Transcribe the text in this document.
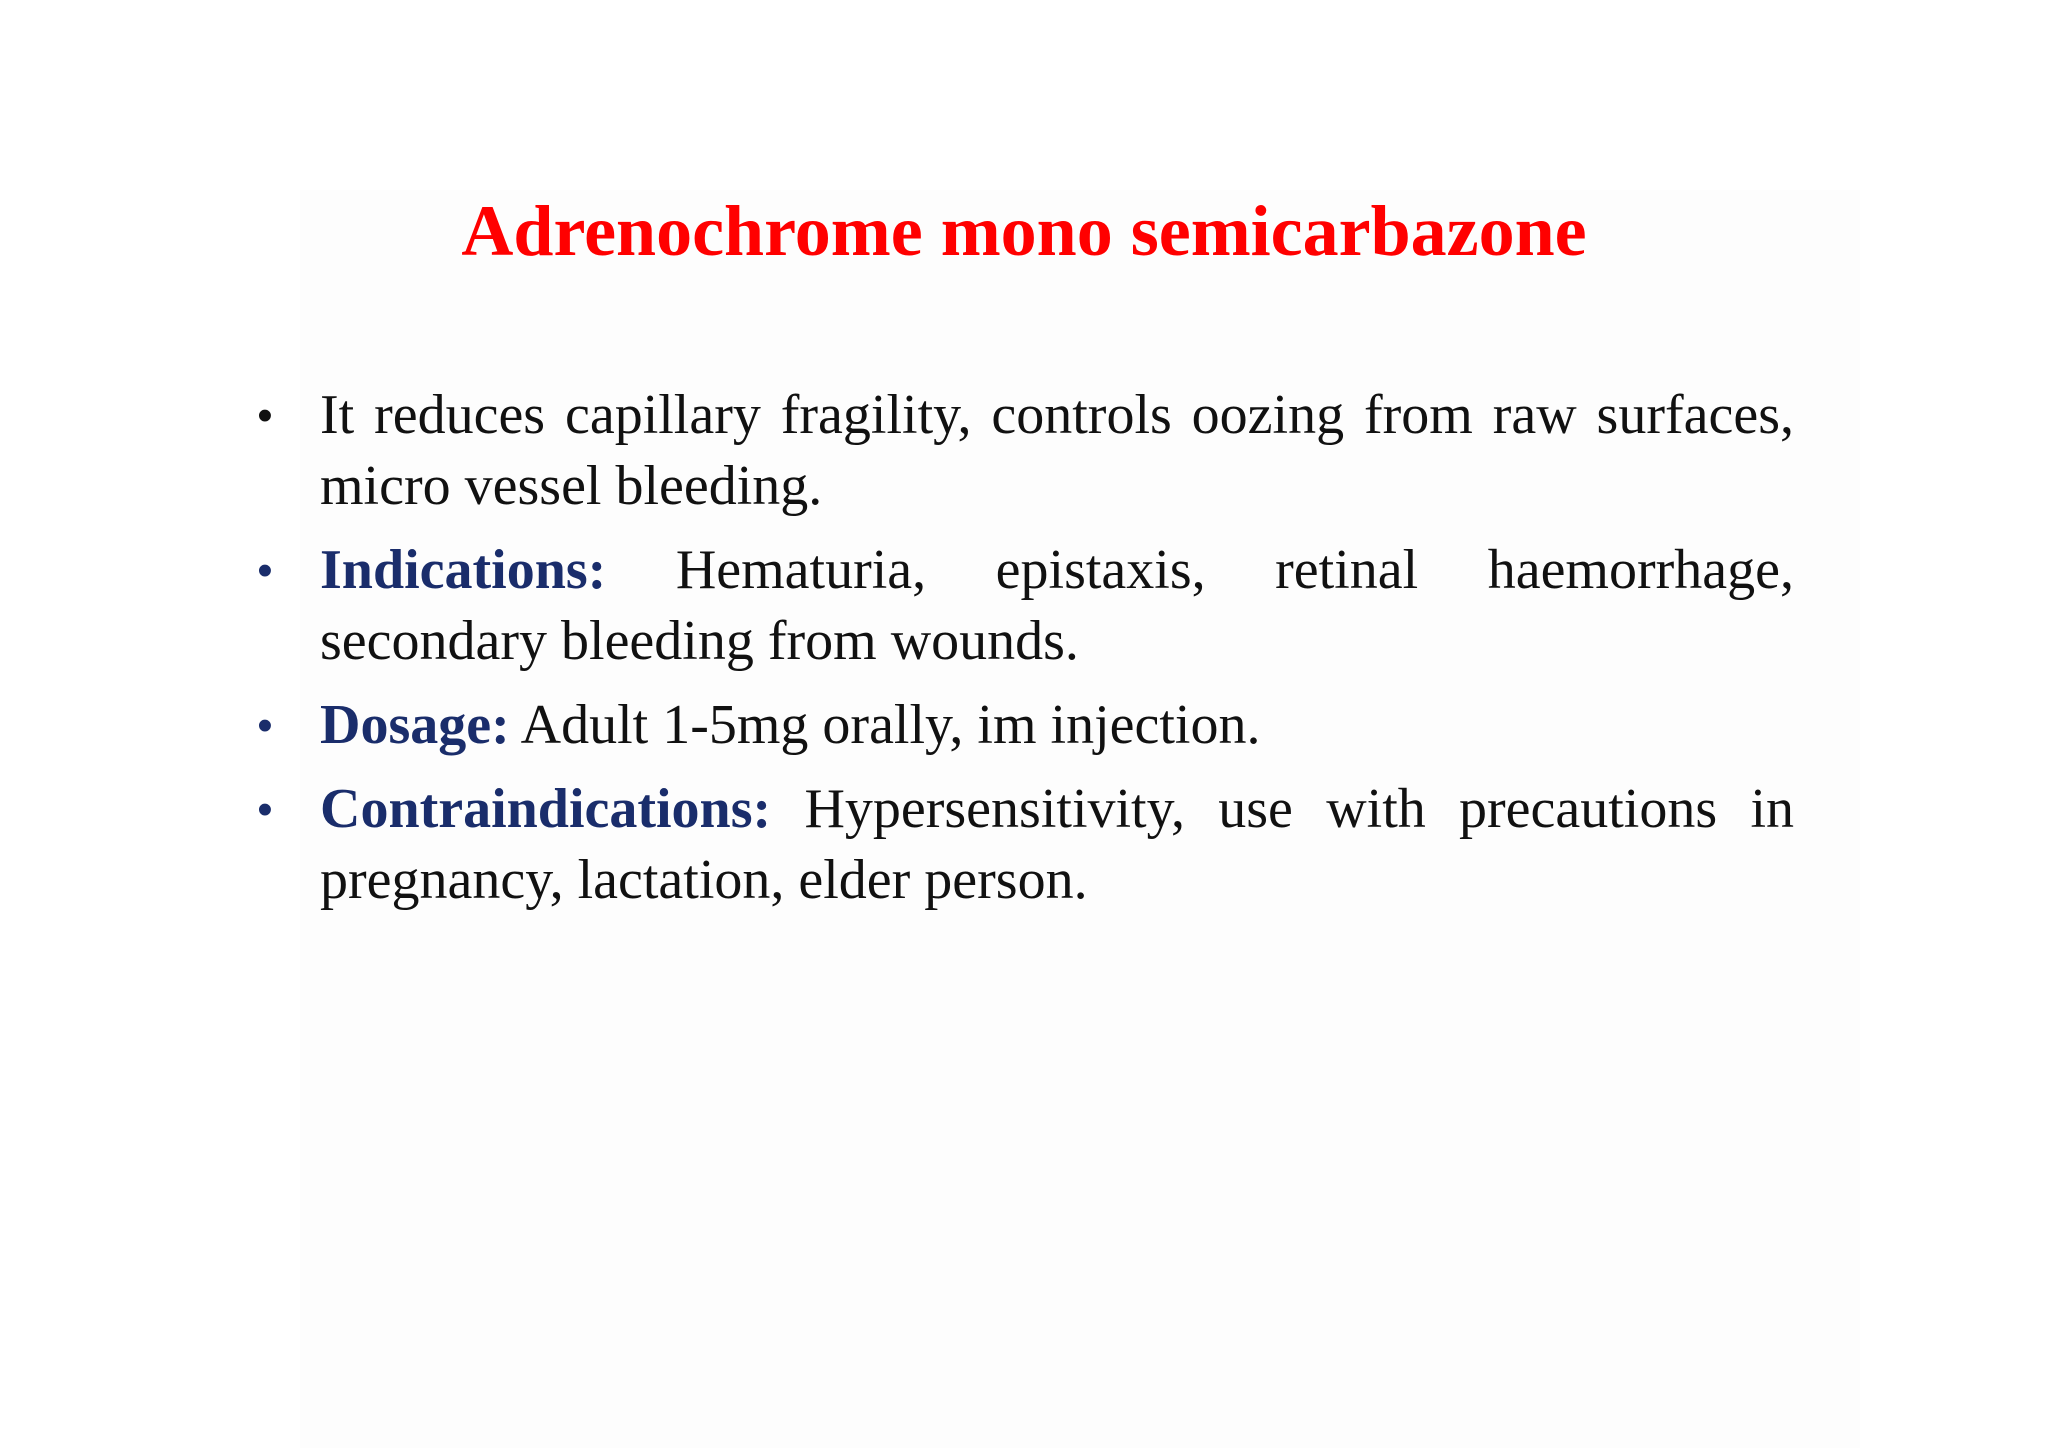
Adrenochrome mono semicarbazone
• It reduces capillary fragility, controls oozing from raw surfaces, micro vessel bleeding.
• Indications: Hematuria, epistaxis, retinal haemorrhage, secondary bleeding from wounds.
• Dosage: Adult 1-5mg orally, im injection.
• Contraindications: Hypersensitivity, use with precautions in pregnancy, lactation, elder person.
